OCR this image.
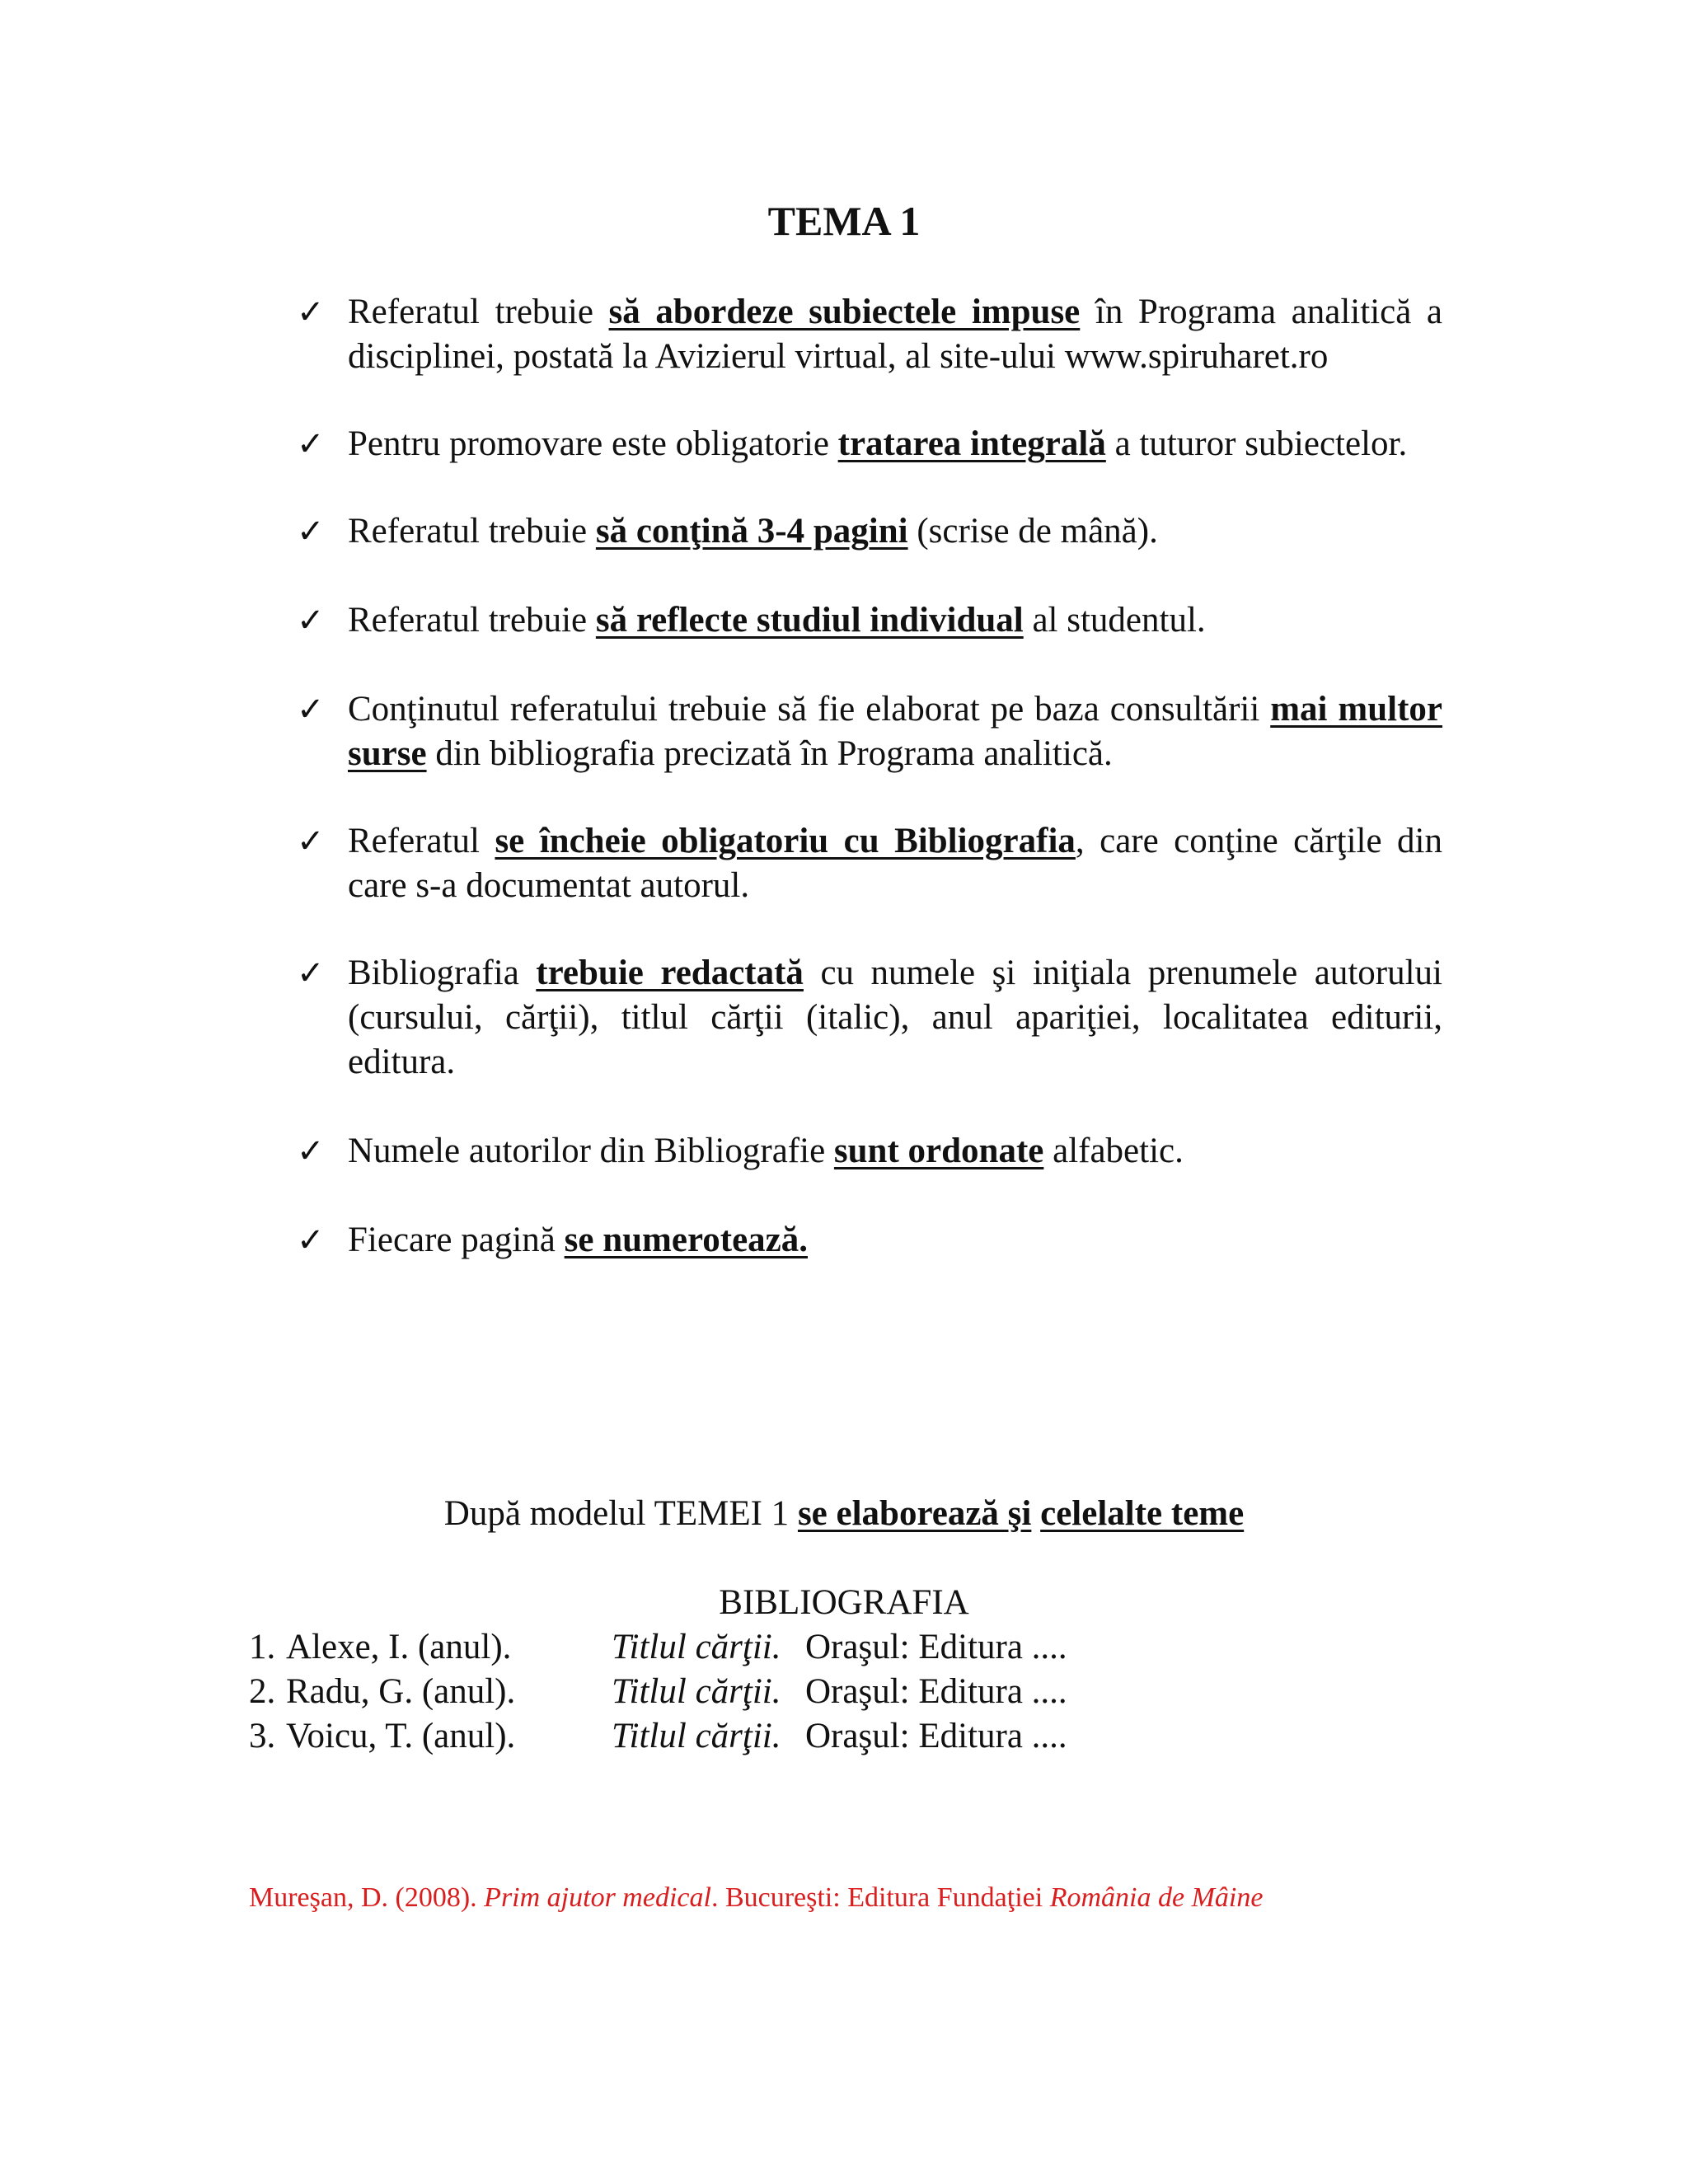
TEMA 1
✓ Referatul trebuie să abordeze subiectele impuse în Programa analitică a disciplinei, postată la Avizierul virtual, al site-ului www.spiruharet.ro
✓ Pentru promovare este obligatorie tratarea integrală a tuturor subiectelor.
✓ Referatul trebuie să conţină 3-4 pagini (scrise de mână).
✓ Referatul trebuie să reflecte studiul individual al studentul.
✓ Conţinutul referatului trebuie să fie elaborat pe baza consultării mai multor surse din bibliografia precizată în Programa analitică.
✓ Referatul se încheie obligatoriu cu Bibliografia, care conţine cărţile din care s-a documentat autorul.
✓ Bibliografia trebuie redactată cu numele şi iniţiala prenumele autorului (cursului, cărţii), titlul cărţii (italic), anul apariţiei, localitatea editurii, editura.
✓ Numele autorilor din Bibliografie sunt ordonate alfabetic.
✓ Fiecare pagină se numerotează.
După modelul TEMEI 1 se elaborează şi celelalte teme
BIBLIOGRAFIA
1. Alexe, I. (anul).	Titlul cărţii. Oraşul: Editura ....
2. Radu, G. (anul).	Titlul cărţii. Oraşul: Editura ....
3. Voicu, T. (anul).	Titlul cărţii. Oraşul: Editura ....
Mureşan, D. (2008). Prim ajutor medical. Bucureşti: Editura Fundaţiei România de Mâine
